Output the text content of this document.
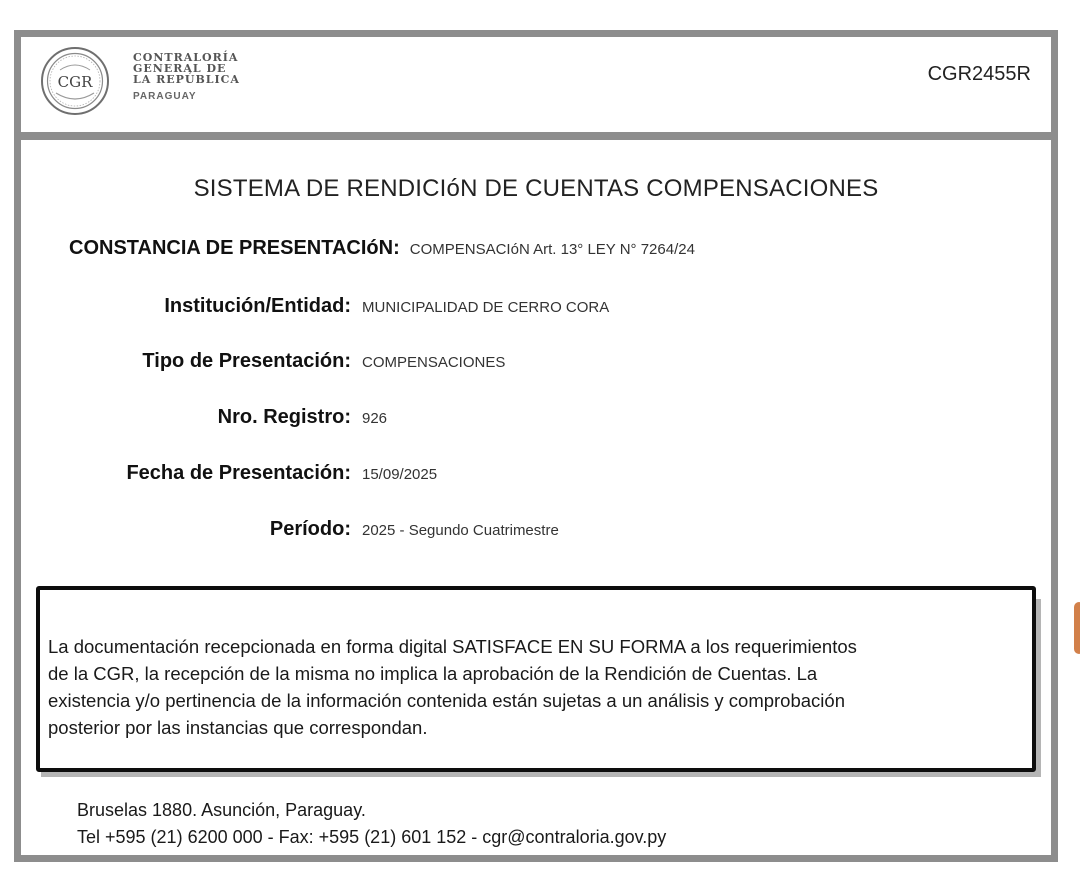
CGR
CONTRALORÍA
GENERAL DE
LA REPÚBLICA
PARAGUAY
CGR2455R
SISTEMA DE RENDICIóN DE CUENTAS COMPENSACIONES
CONSTANCIA DE PRESENTACIóN: COMPENSACIóN Art. 13° LEY N° 7264/24
Institución/Entidad: MUNICIPALIDAD DE CERRO CORA
Tipo de Presentación: COMPENSACIONES
Nro. Registro: 926
Fecha de Presentación: 15/09/2025
Período: 2025 - Segundo Cuatrimestre

La documentación recepcionada en forma digital SATISFACE EN SU FORMA a los requerimientos

de la CGR, la recepción de la misma no implica la aprobación de la Rendición de Cuentas. La

existencia y/o pertinencia de la información contenida están sujetas a un análisis y comprobación

posterior por las instancias que correspondan.

Bruselas 1880. Asunción, Paraguay.
Tel +595 (21) 6200 000 - Fax: +595 (21) 601 152 - cgr@contraloria.gov.py
